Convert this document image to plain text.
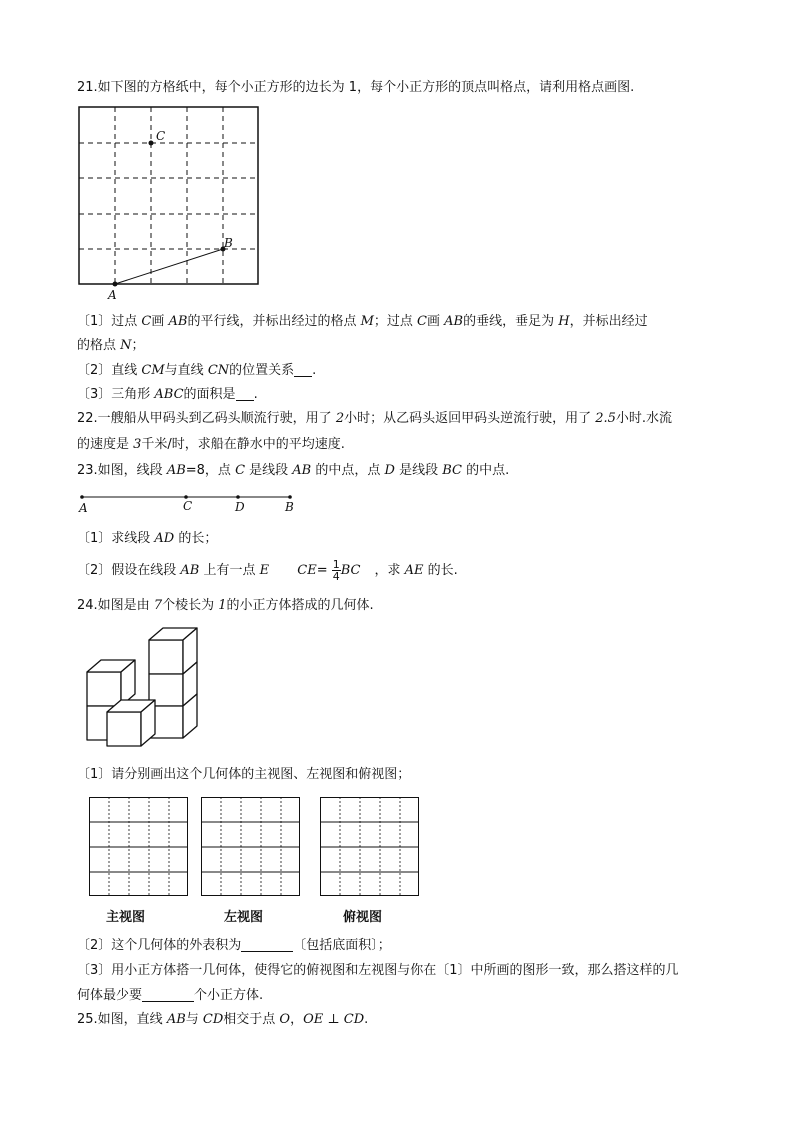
21.如下图的方格纸中，每个小正方形的边长为 1，每个小正方形的顶点叫格点，请利用格点画图.
C
B
A
〔1〕过点 C画 AB的平行线，并标出经过的格点 M；过点 C画 AB的垂线，垂足为 H，并标出经过
的格点 N；
〔2〕直线 CM与直线 CN的位置关系 .
〔3〕三角形 ABC的面积是 .
22.一艘船从甲码头到乙码头顺流行驶，用了 2小时；从乙码头返回甲码头逆流行驶，用了 2.5小时.水流
的速度是 3千米/时，求船在静水中的平均速度.
23.如图，线段 AB=8，点 C 是线段 AB 的中点，点 D 是线段 BC 的中点.
A	C	D	B
〔1〕求线段 AD 的长；
〔2〕假设在线段 AB 上有一点 E $CE= \frac{1}{4}$ BC ，求 AE 的长.
24.如图是由 7个棱长为 1的小正方体搭成的几何体.
〔1〕请分别画出这个几何体的主视图、左视图和俯视图；
主视图	左视图	俯视图
〔2〕这个几何体的外表积为	〔包括底面积〕；
〔3〕用小正方体搭一几何体，使得它的俯视图和左视图与你在〔1〕中所画的图形一致，那么搭这样的几
何体最少要	个小正方体.
25.如图，直线 AB与 CD相交于点 O，OE ⊥ CD.
